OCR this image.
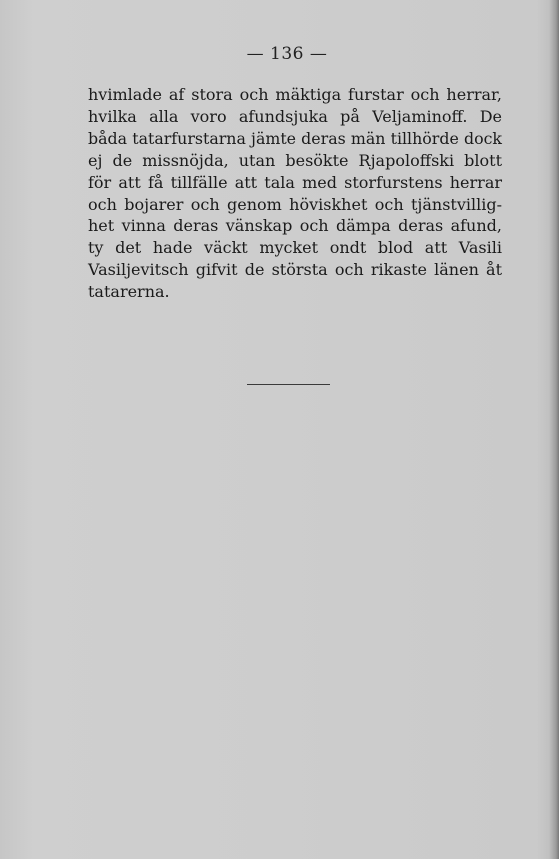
— 136 —
hvimlade af stora och mäktiga furstar och herrar,
hvilka alla voro afundsjuka på Veljaminoff. De
båda tatarfurstarna jämte deras män tillhörde dock
ej de missnöjda, utan besökte Rjapoloffski blott
för att få tillfälle att tala med storfurstens herrar
och bojarer och genom höviskhet och tjänstvillig-
het vinna deras vänskap och dämpa deras afund,
ty det hade väckt mycket ondt blod att Vasili
Vasiljevitsch gifvit de största och rikaste länen åt
tatarerna.
